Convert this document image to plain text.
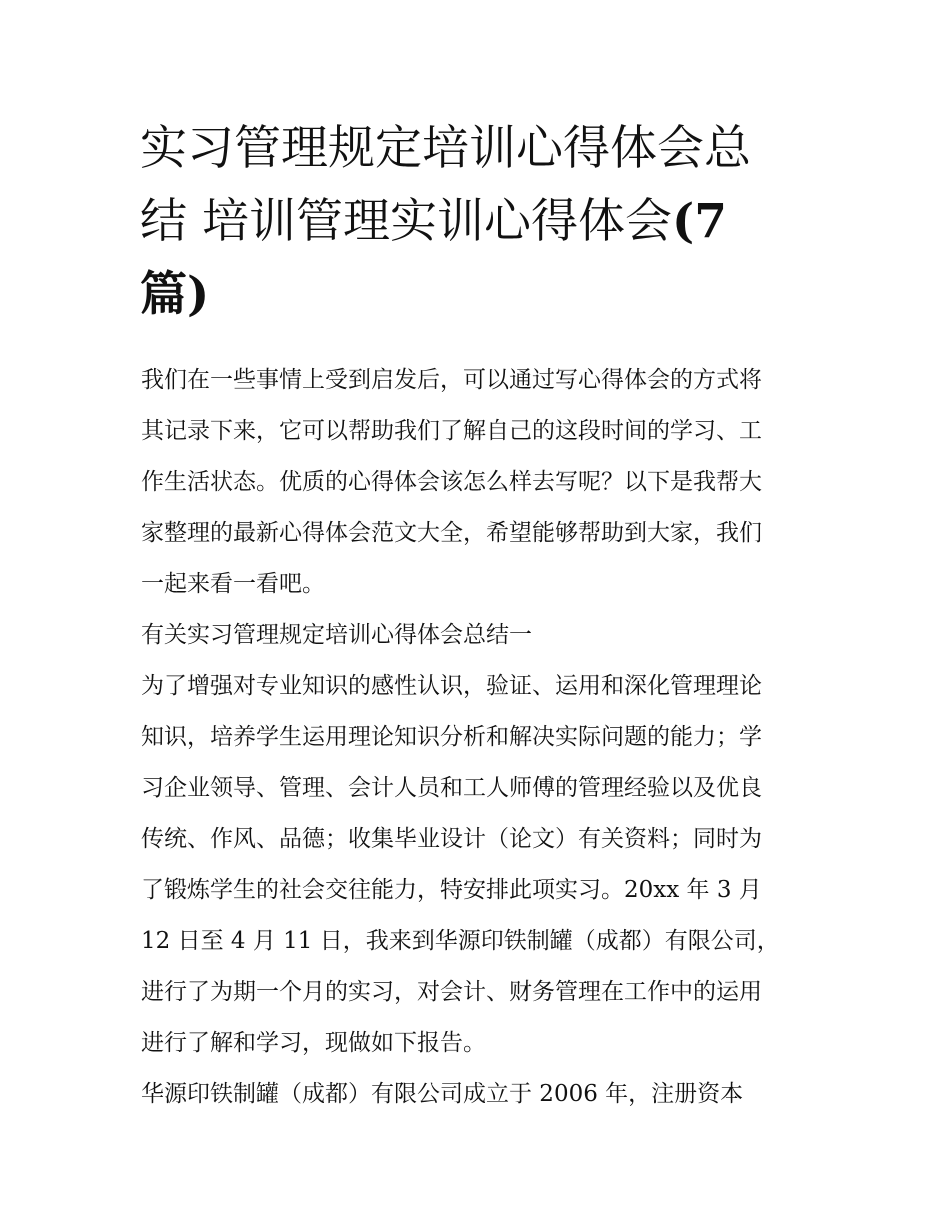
实习管理规定培训心得体会总
结 培训管理实训心得体会(7
篇)
我们在一些事情上受到启发后，可以通过写心得体会的方式将
其记录下来，它可以帮助我们了解自己的这段时间的学习、工
作生活状态。优质的心得体会该怎么样去写呢？以下是我帮大
家整理的最新心得体会范文大全，希望能够帮助到大家，我们
一起来看一看吧。
有关实习管理规定培训心得体会总结一
为了增强对专业知识的感性认识，验证、运用和深化管理理论
知识，培养学生运用理论知识分析和解决实际问题的能力；学
习企业领导、管理、会计人员和工人师傅的管理经验以及优良
传统、作风、品德；收集毕业设计（论文）有关资料；同时为
了锻炼学生的社会交往能力，特安排此项实习。20xx 年 3 月
12 日至 4 月 11 日，我来到华源印铁制罐（成都）有限公司，
进行了为期一个月的实习，对会计、财务管理在工作中的运用
进行了解和学习，现做如下报告。
华源印铁制罐（成都）有限公司成立于 2006 年，注册资本
